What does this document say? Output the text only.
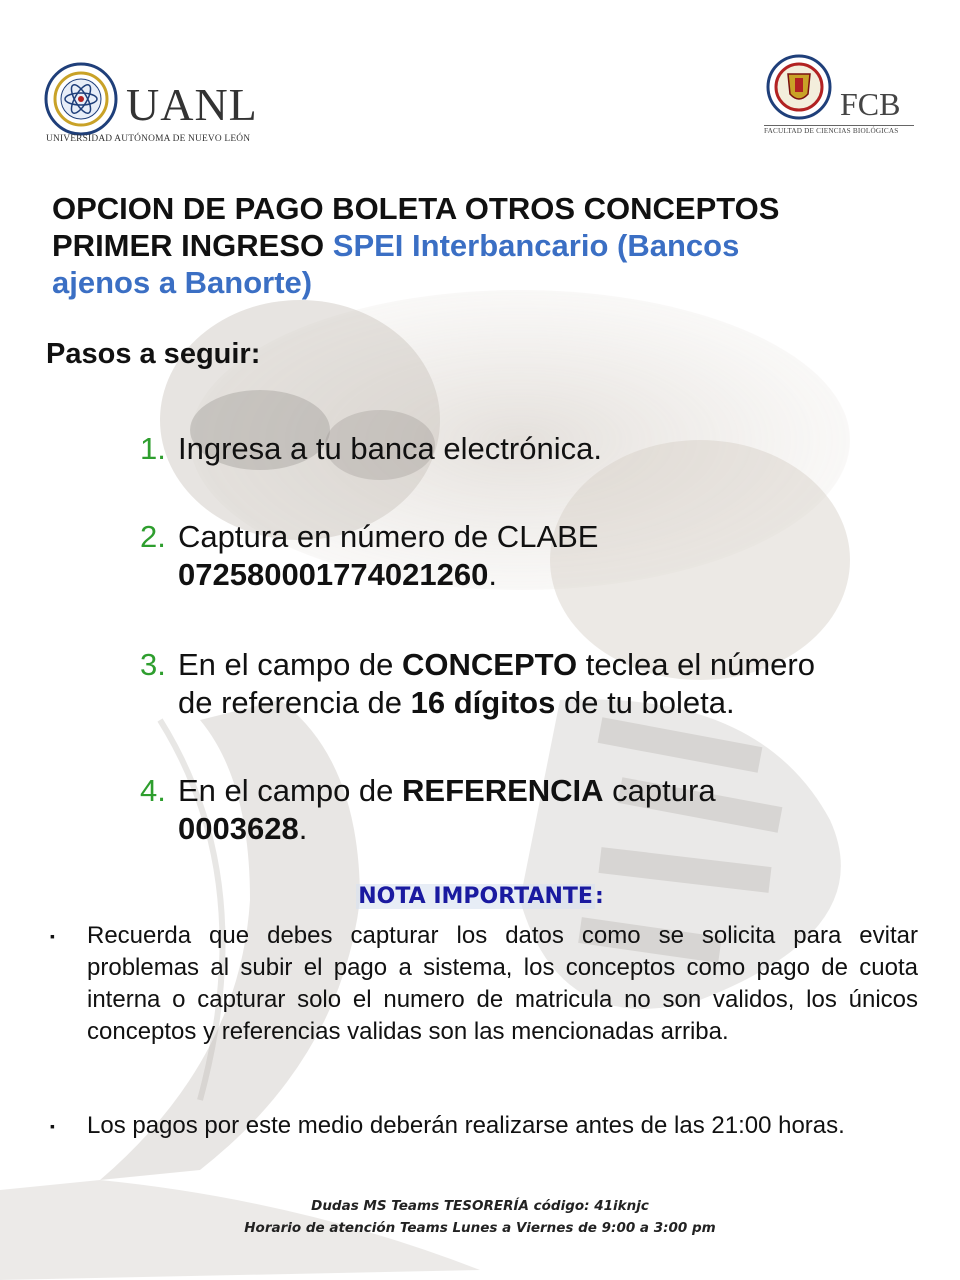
UANL
UNIVERSIDAD AUTÓNOMA DE NUEVO LEÓN
FCB
FACULTAD DE CIENCIAS BIOLÓGICAS
OPCION DE PAGO BOLETA OTROS CONCEPTOS
PRIMER INGRESO SPEI Interbancario (Bancos
ajenos a Banorte)
Pasos a seguir:
1. Ingresa a tu banca electrónica.
2. Captura en número de CLABE
072580001774021260.
3. En el campo de CONCEPTO teclea el número
de referencia de 16 dígitos de tu boleta.
4. En el campo de REFERENCIA captura
0003628.
NOTA IMPORTANTE:
▪	Recuerda que debes capturar los datos como se solicita para evitar problemas al subir el pago a sistema, los conceptos como pago de cuota interna o capturar solo el numero de matricula no son validos, los únicos conceptos y referencias validas son las mencionadas arriba.
▪	Los pagos por este medio deberán realizarse antes de las 21:00 horas.
Dudas MS Teams TESORERÍA código: 41iknjc
Horario de atención Teams Lunes a Viernes de 9:00 a 3:00 pm
